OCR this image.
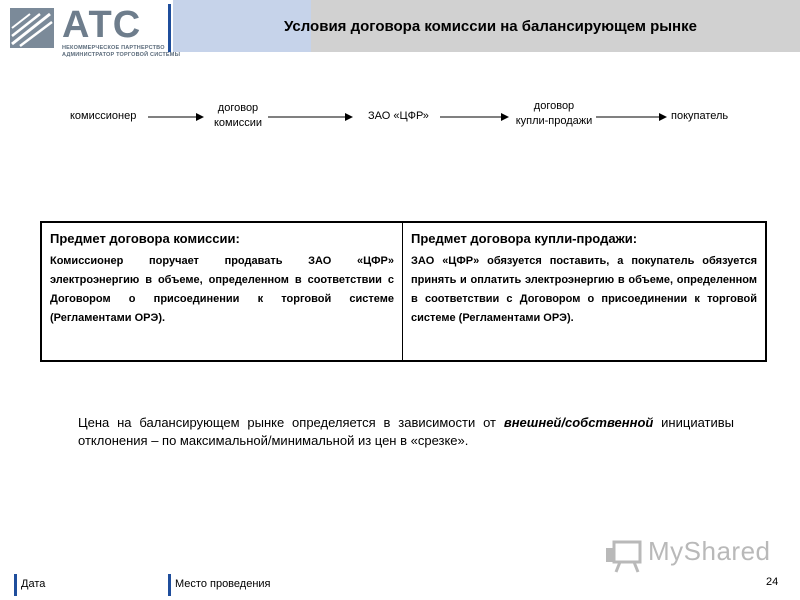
АТС
НЕКОММЕРЧЕСКОЕ ПАРТНЕРСТВО
АДМИНИСТРАТОР ТОРГОВОЙ СИСТЕМЫ
Условия договора комиссии на балансирующем рынке
комиссионер
договор
комиссии
ЗАО «ЦФР»
договор
купли-продажи	покупатель
Предмет договора комиссии:
Комиссионер поручает продавать ЗАО «ЦФР» электроэнергию в объеме, определенном в соответствии с Договором о присоединении к торговой системе (Регламентами ОРЭ).
Предмет договора купли-продажи:
ЗАО «ЦФР» обязуется поставить, а покупатель обязуется принять и оплатить электроэнергию в объеме, определенном в соответствии с Договором о присоединении к торговой системе (Регламентами ОРЭ).
Цена на балансирующем рынке определяется в зависимости от внешней/собственной инициативы отклонения – по максимальной/минимальной из цен в «срезке».
MyShared
Дата	Место проведения	24
